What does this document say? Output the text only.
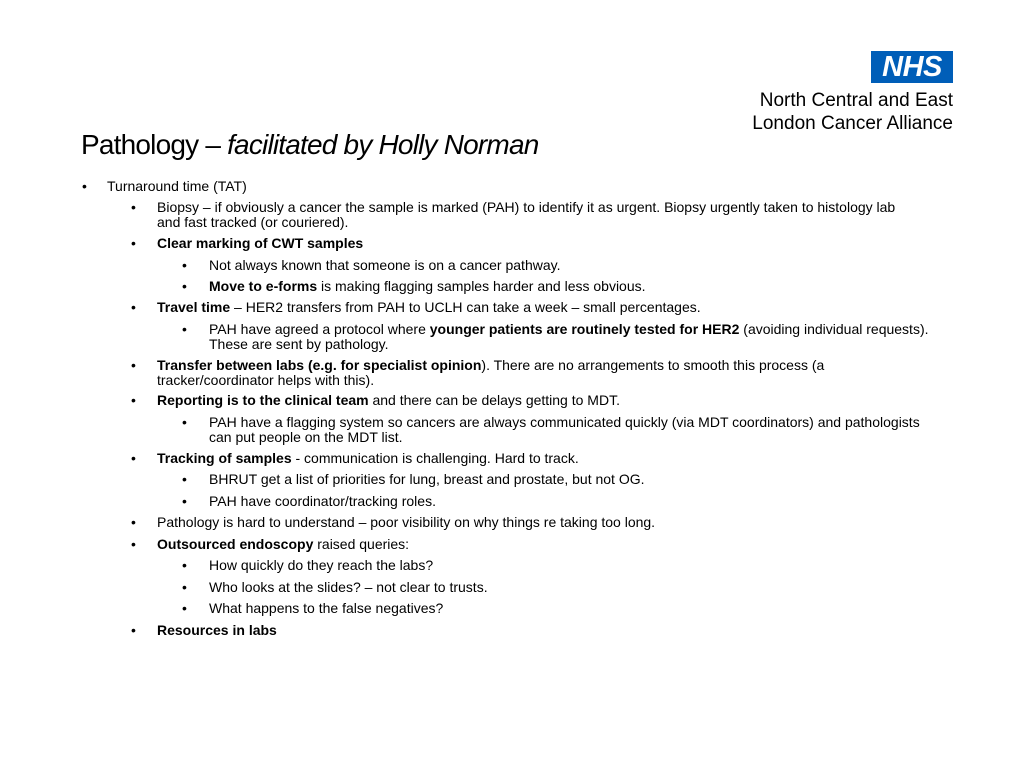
NHS
North Central and East
London Cancer Alliance
Pathology – facilitated by Holly Norman
• Turnaround time (TAT)
• Biopsy – if obviously a cancer the sample is marked (PAH) to identify it as urgent. Biopsy urgently taken to histology lab and fast tracked (or couriered).
• Clear marking of CWT samples
• Not always known that someone is on a cancer pathway.
• Move to e-forms is making flagging samples harder and less obvious.
• Travel time – HER2 transfers from PAH to UCLH can take a week – small percentages.
• PAH have agreed a protocol where younger patients are routinely tested for HER2 (avoiding individual requests). These are sent by pathology.
• Transfer between labs (e.g. for specialist opinion). There are no arrangements to smooth this process (a tracker/coordinator helps with this).
• Reporting is to the clinical team and there can be delays getting to MDT.
• PAH have a flagging system so cancers are always communicated quickly (via MDT coordinators) and pathologists can put people on the MDT list.
• Tracking of samples - communication is challenging. Hard to track.
• BHRUT get a list of priorities for lung, breast and prostate, but not OG.
• PAH have coordinator/tracking roles.
• Pathology is hard to understand – poor visibility on why things re taking too long.
• Outsourced endoscopy raised queries:
• How quickly do they reach the labs?
• Who looks at the slides? – not clear to trusts.
• What happens to the false negatives?
• Resources in labs
